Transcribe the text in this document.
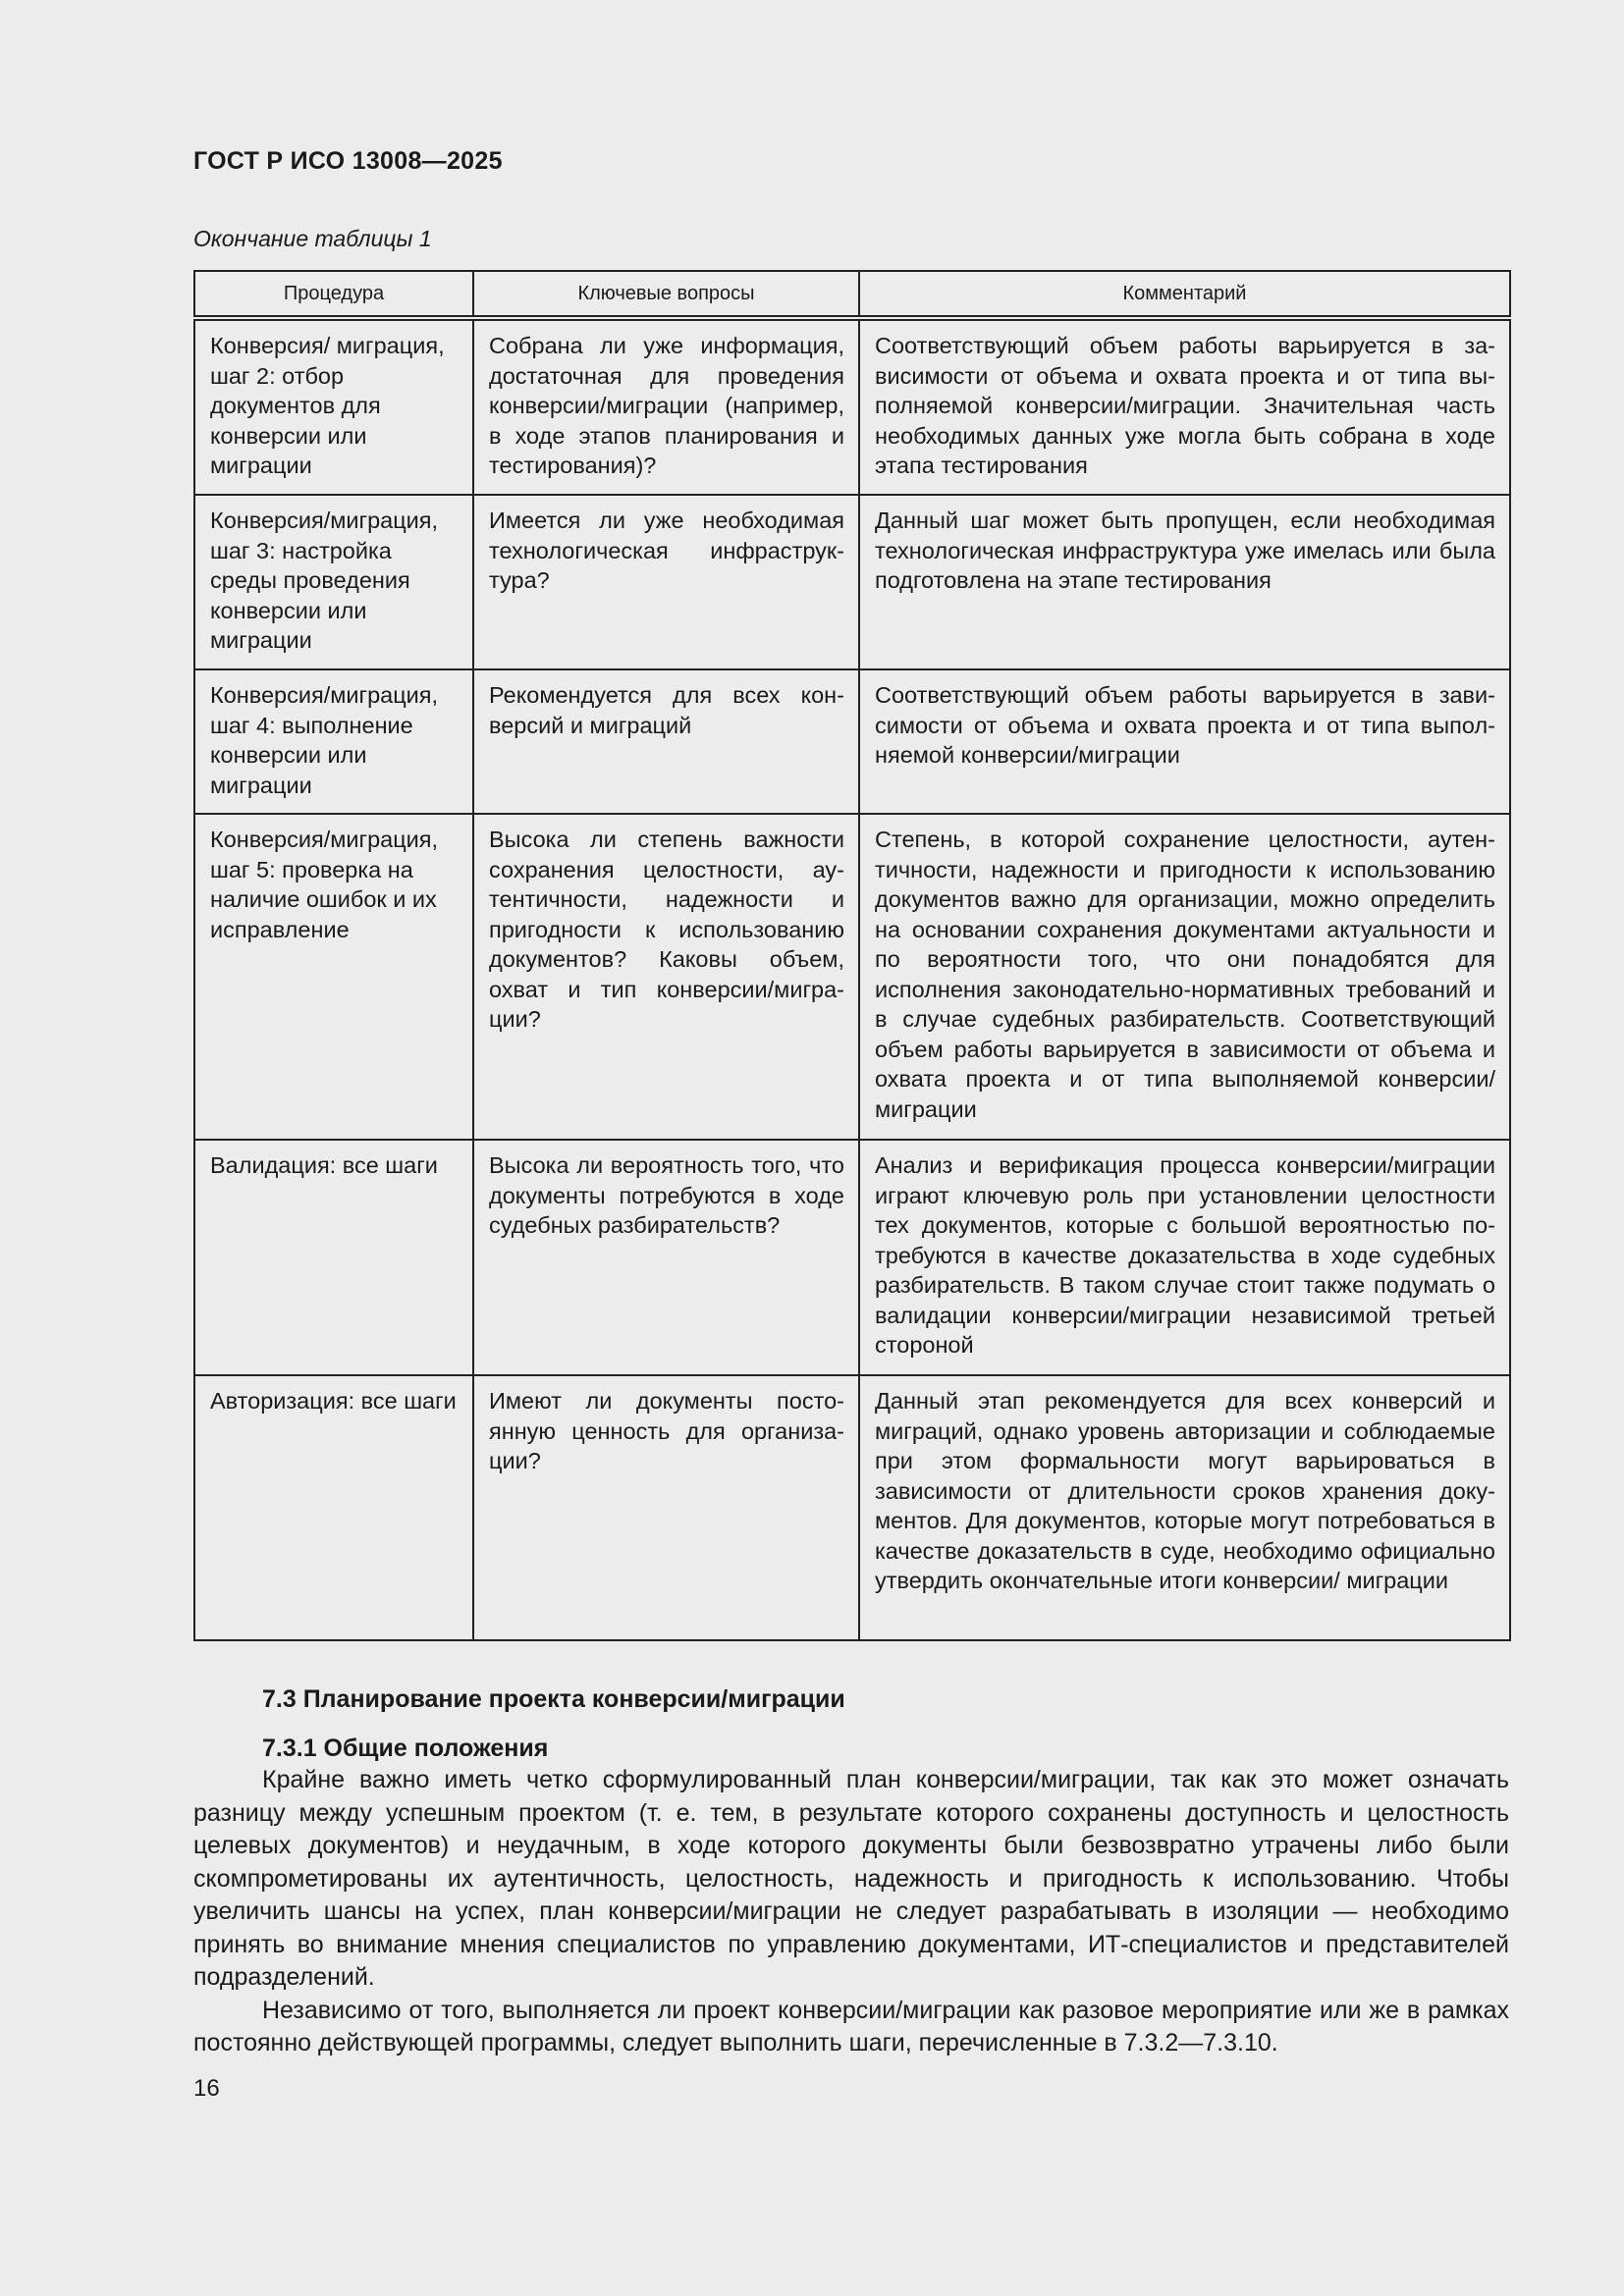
ГОСТ Р ИСО 13008—2025
Окончание таблицы 1
Процедура	Ключевые вопросы	Комментарий
Конверсия/ миграция, шаг 2: отбор документов для конверсии или миграции	Собрана ли уже информация, достаточная для проведения конверсии/миграции (например, в ходе этапов планирования и тестирования)?	Соответствующий объем работы варьируется в зависимости от объема и охвата проекта и от типа выполняемой конверсии/миграции. Значительная часть необходимых данных уже могла быть собрана в ходе этапа тестирования
Конверсия/миграция, шаг 3: настройка среды проведения конверсии или миграции	Имеется ли уже необходимая технологическая инфраструктура?	Данный шаг может быть пропущен, если необходимая технологическая инфраструктура уже имелась или была подготовлена на этапе тестирования
Конверсия/миграция, шаг 4: выполнение конверсии или миграции	Рекомендуется для всех конверсий и миграций	Соответствующий объем работы варьируется в зависимости от объема и охвата проекта и от типа выполняемой конверсии/миграции
Конверсия/миграция, шаг 5: проверка на наличие ошибок и их исправление	Высока ли степень важности сохранения целостности, аутентичности, надежности и пригодности к использованию документов? Каковы объем, охват и тип конверсии/миграции?	Степень, в которой сохранение целостности, аутентичности, надежности и пригодности к использованию документов важно для организации, можно определить на основании сохранения документами актуальности и по вероятности того, что они понадобятся для исполнения законодательно-нормативных требований и в случае судебных разбирательств. Соответствующий объем работы варьируется в зависимости от объема и охвата проекта и от типа выполняемой конверсии/миграции
Валидация: все шаги	Высока ли вероятность того, что документы потребуются в ходе судебных разбирательств?	Анализ и верификация процесса конверсии/миграции играют ключевую роль при установлении целостности тех документов, которые с большой вероятностью потребуются в качестве доказательства в ходе судебных разбирательств. В таком случае стоит также подумать о валидации конверсии/миграции независимой третьей стороной
Авторизация: все шаги	Имеют ли документы постоянную ценность для организации?	Данный этап рекомендуется для всех конверсий и миграций, однако уровень авторизации и соблюдаемые при этом формальности могут варьироваться в зависимости от длительности сроков хранения документов. Для документов, которые могут потребоваться в качестве доказательств в суде, необходимо официально утвердить окончательные итоги конверсии/ миграции
7.3 Планирование проекта конверсии/миграции
7.3.1 Общие положения

Крайне важно иметь четко сформулированный план конверсии/миграции, так как это может означать разницу между успешным проектом (т. е. тем, в результате которого сохранены доступность и целостность целевых документов) и неудачным, в ходе которого документы были безвозвратно утрачены либо были скомпрометированы их аутентичность, целостность, надежность и пригодность к использованию. Чтобы увеличить шансы на успех, план конверсии/миграции не следует разрабатывать в изоляции — необходимо принять во внимание мнения специалистов по управлению документами, ИТ-специалистов и представителей подразделений.

Независимо от того, выполняется ли проект конверсии/миграции как разовое мероприятие или же в рамках постоянно действующей программы, следует выполнить шаги, перечисленные в 7.3.2—7.3.10.

16
